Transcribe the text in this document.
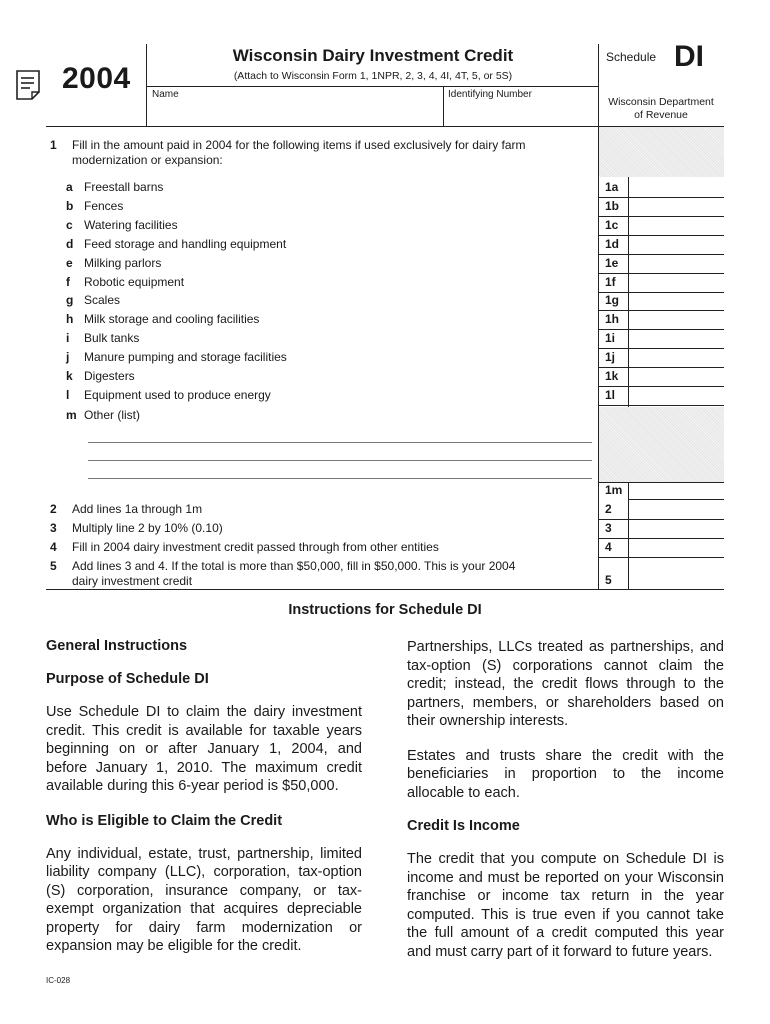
2004
Wisconsin Dairy Investment Credit
(Attach to Wisconsin Form 1, 1NPR, 2, 3, 4, 4I, 4T, 5, or 5S)
Name	Identifying Number
Schedule DI
Wisconsin Department
of Revenue
1 Fill in the amount paid in 2004 for the following items if used exclusively for dairy farm
modernization or expansion:
a Freestall barns	1a
b Fences	1b
c Watering facilities	1c
d Feed storage and handling equipment	1d
e Milking parlors	1e
f Robotic equipment	1f
g Scales	1g
h Milk storage and cooling facilities	1h
i Bulk tanks	1i
j Manure pumping and storage facilities	1j
k Digesters	1k
l Equipment used to produce energy	1l
m Other (list)
1m
2 Add lines 1a through 1m	2
3 Multiply line 2 by 10% (0.10)	3
4 Fill in 2004 dairy investment credit passed through from other entities	4
5 Add lines 3 and 4. If the total is more than $50,000, fill in $50,000. This is your 2004

dairy investment credit	5
Instructions for Schedule DI
General Instructions
Purpose of Schedule DI

Use Schedule DI to claim the dairy investment credit. This credit is available for taxable years beginning on or after January 1, 2004, and before January 1, 2010. The maximum credit available during this 6-year period is $50,000.

Who is Eligible to Claim the Credit

Any individual, estate, trust, partnership, limited liability company (LLC), corporation, tax-option (S) corporation, insurance company, or tax-exempt organization that acquires depreciable property for dairy farm modernization or expansion may be eligible for the credit.

Partnerships, LLCs treated as partnerships, and tax-option (S) corporations cannot claim the credit; instead, the credit flows through to the partners, members, or shareholders based on their ownership interests.

Estates and trusts share the credit with the beneficiaries in proportion to the income allocable to each.

Credit Is Income

The credit that you compute on Schedule DI is income and must be reported on your Wisconsin franchise or income tax return in the year computed. This is true even if you cannot take the full amount of a credit computed this year and must carry part of it forward to future years.

IC-028
